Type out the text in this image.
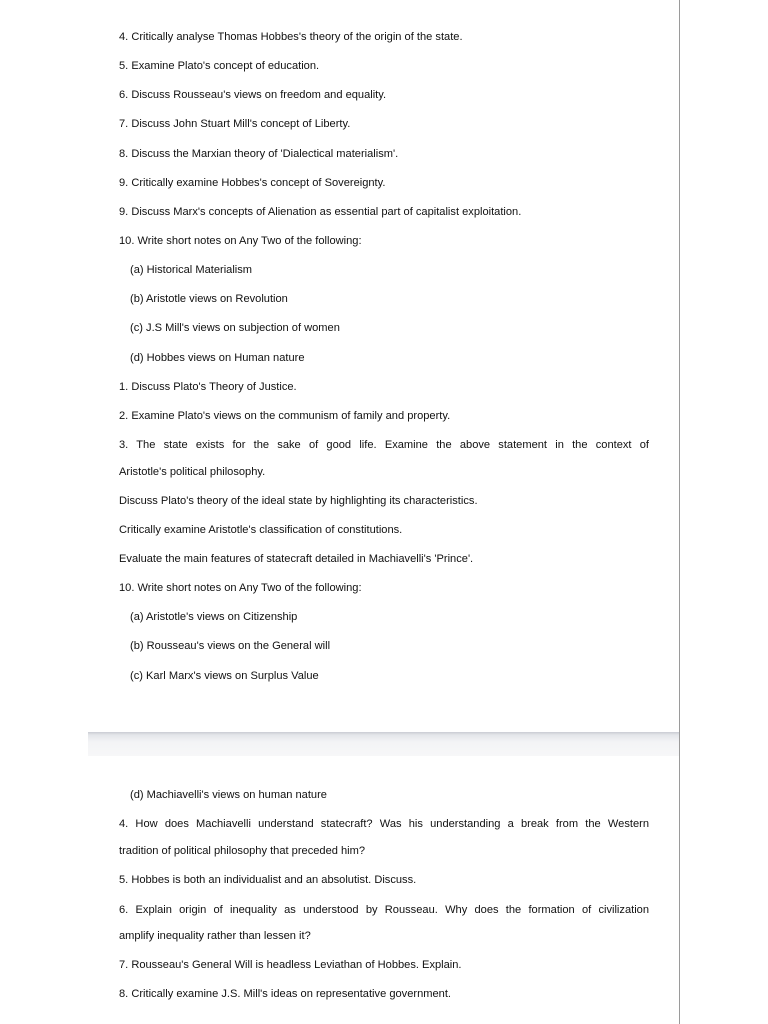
4. Critically analyse Thomas Hobbes's theory of the origin of the state.

5. Examine Plato's concept of education.

6. Discuss Rousseau's views on freedom and equality.

7. Discuss John Stuart Mill's concept of Liberty.

8. Discuss the Marxian theory of 'Dialectical materialism'.

9. Critically examine Hobbes's concept of Sovereignty.

9. Discuss Marx's concepts of Alienation as essential part of capitalist exploitation.

10. Write short notes on Any Two of the following:

(a) Historical Materialism

(b) Aristotle views on Revolution

(c) J.S Mill's views on subjection of women

(d) Hobbes views on Human nature

1. Discuss Plato's Theory of Justice.

2. Examine Plato's views on the communism of family and property.

3. The state exists for the sake of good life. Examine the above statement in the context of

Aristotle's political philosophy.

Discuss Plato's theory of the ideal state by highlighting its characteristics.

Critically examine Aristotle's classification of constitutions.

Evaluate the main features of statecraft detailed in Machiavelli's 'Prince'.

10. Write short notes on Any Two of the following:

(a) Aristotle's views on Citizenship

(b) Rousseau's views on the General will

(c) Karl Marx's views on Surplus Value

(d) Machiavelli's views on human nature

4. How does Machiavelli understand statecraft? Was his understanding a break from the Western

tradition of political philosophy that preceded him?

5. Hobbes is both an individualist and an absolutist. Discuss.

6. Explain origin of inequality as understood by Rousseau. Why does the formation of civilization

amplify inequality rather than lessen it?

7. Rousseau's General Will is headless Leviathan of Hobbes. Explain.

8. Critically examine J.S. Mill's ideas on representative government.
